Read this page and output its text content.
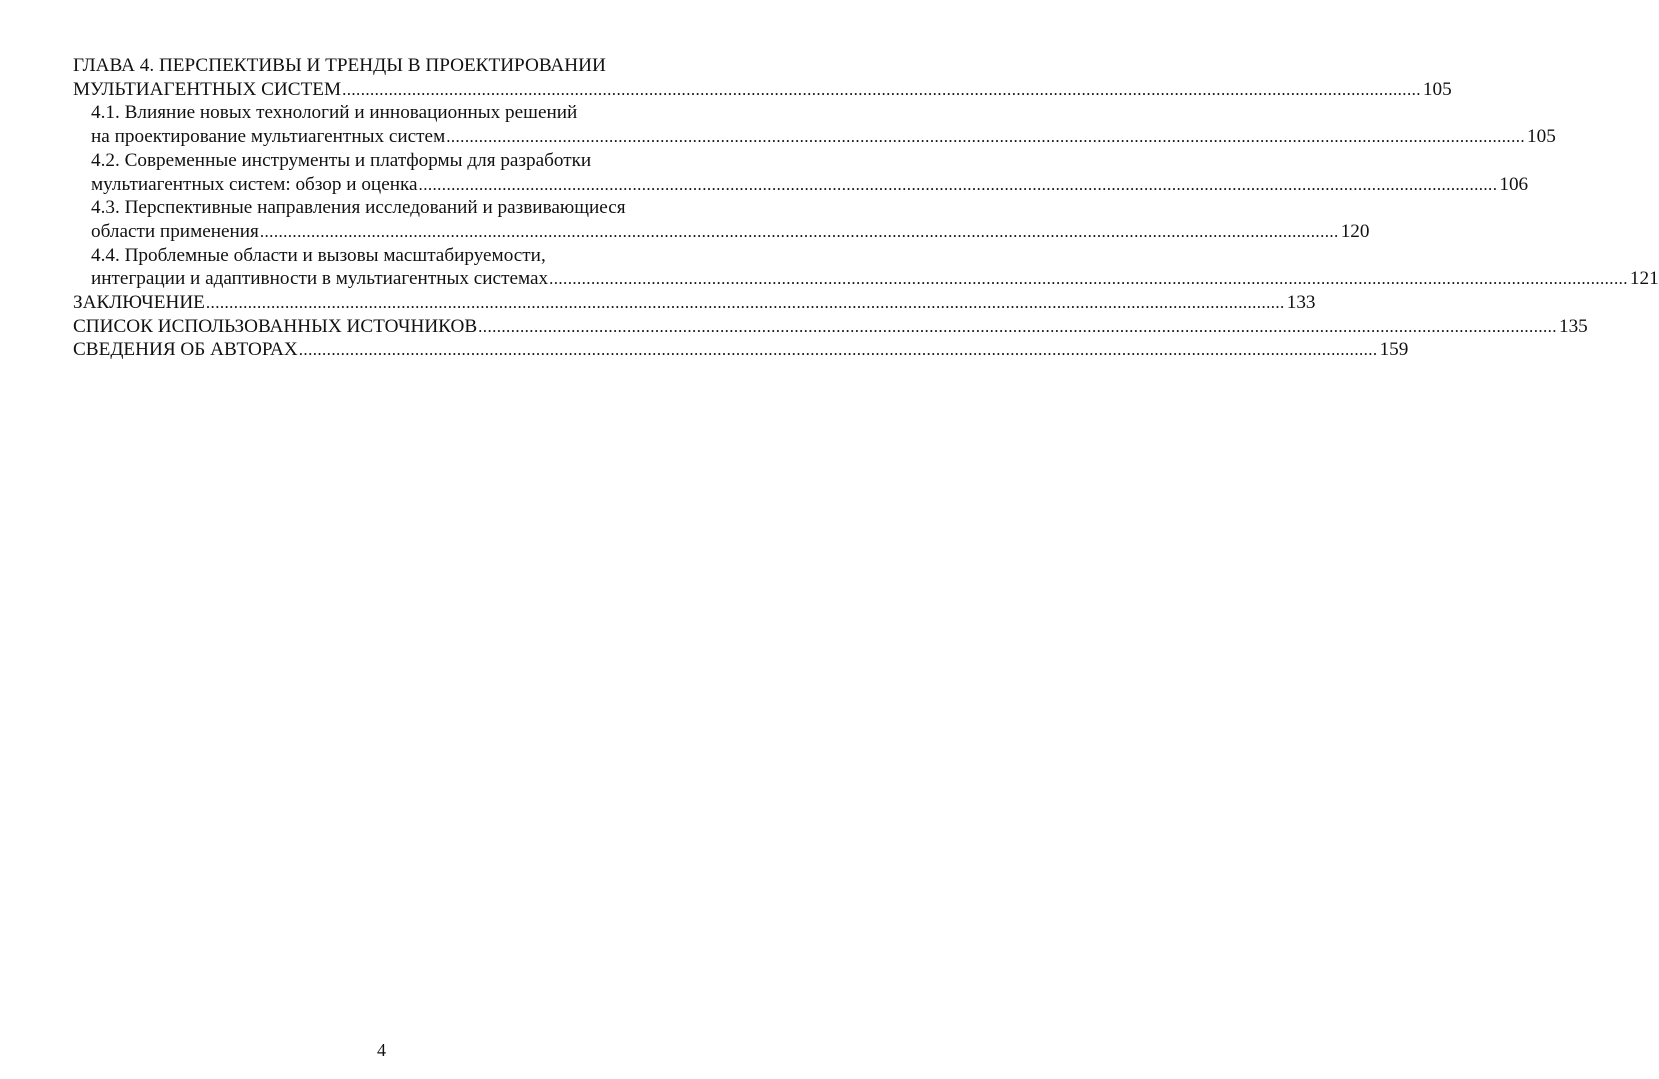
ГЛАВА 4. ПЕРСПЕКТИВЫ И ТРЕНДЫ В ПРОЕКТИРОВАНИИ
МУЛЬТИАГЕНТНЫХ СИСТЕМ .....	105
4.1. Влияние новых технологий и инновационных решений
на проектирование мультиагентных систем .....	105
4.2. Современные инструменты и платформы для разработки
мультиагентных систем: обзор и оценка .....	106
4.3. Перспективные направления исследований и развивающиеся
области применения .....	120
4.4. Проблемные области и вызовы масштабируемости,
интеграции и адаптивности в мультиагентных системах .....	121
ЗАКЛЮЧЕНИЕ .....	133
СПИСОК ИСПОЛЬЗОВАННЫХ ИСТОЧНИКОВ .....	135
СВЕДЕНИЯ ОБ АВТОРАХ .....	159
4
